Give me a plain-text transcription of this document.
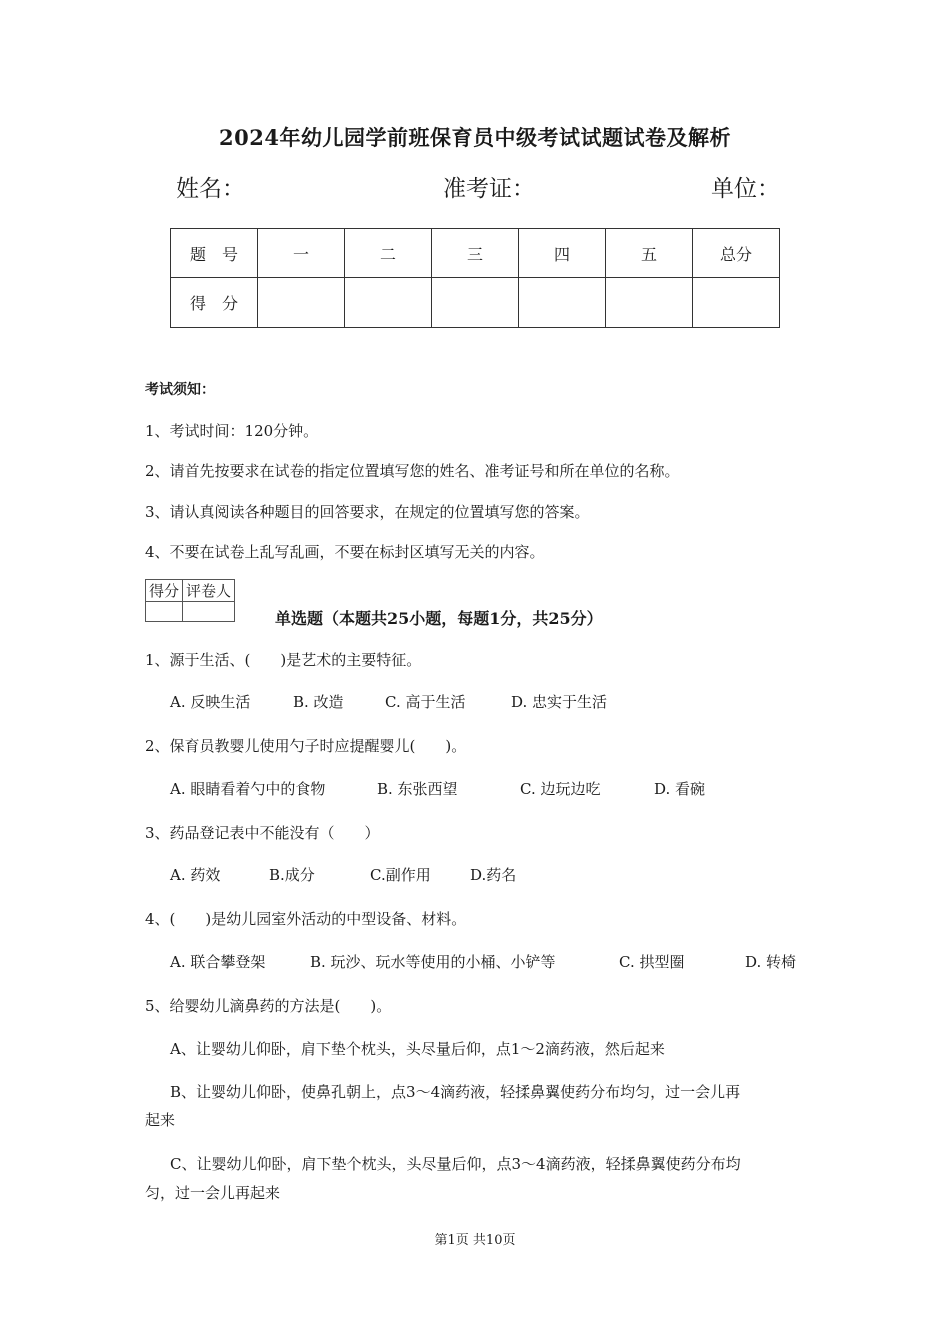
2024年幼儿园学前班保育员中级考试试题试卷及解析
姓名：	准考证：	单位：
题　号	一	二	三	四	五	总分
得　分						
考试须知：
1、考试时间：120分钟。
2、请首先按要求在试卷的指定位置填写您的姓名、准考证号和所在单位的名称。
3、请认真阅读各种题目的回答要求，在规定的位置填写您的答案。
4、不要在试卷上乱写乱画，不要在标封区填写无关的内容。
得分	评卷人

单选题（本题共25小题，每题1分，共25分）
1、源于生活、(　　)是艺术的主要特征。
A. 反映生活	B. 改造	C. 高于生活	D. 忠实于生活
2、保育员教婴儿使用勺子时应提醒婴儿(　　)。
A. 眼睛看着勺中的食物	B. 东张西望	C. 边玩边吃	D. 看碗
3、药品登记表中不能没有（　　）
A. 药效	B.成分	C.副作用	D.药名
4、(　　)是幼儿园室外活动的中型设备、材料。
A. 联合攀登架	B. 玩沙、玩水等使用的小桶、小铲等	C. 拱型圈	D. 转椅
5、给婴幼儿滴鼻药的方法是(　　)。
A、让婴幼儿仰卧，肩下垫个枕头，头尽量后仰，点1～2滴药液，然后起来
B、让婴幼儿仰卧，使鼻孔朝上，点3～4滴药液，轻揉鼻翼使药分布均匀，过一会儿再
起来
C、让婴幼儿仰卧，肩下垫个枕头，头尽量后仰，点3～4滴药液，轻揉鼻翼使药分布均
匀，过一会儿再起来
第1页 共10页
